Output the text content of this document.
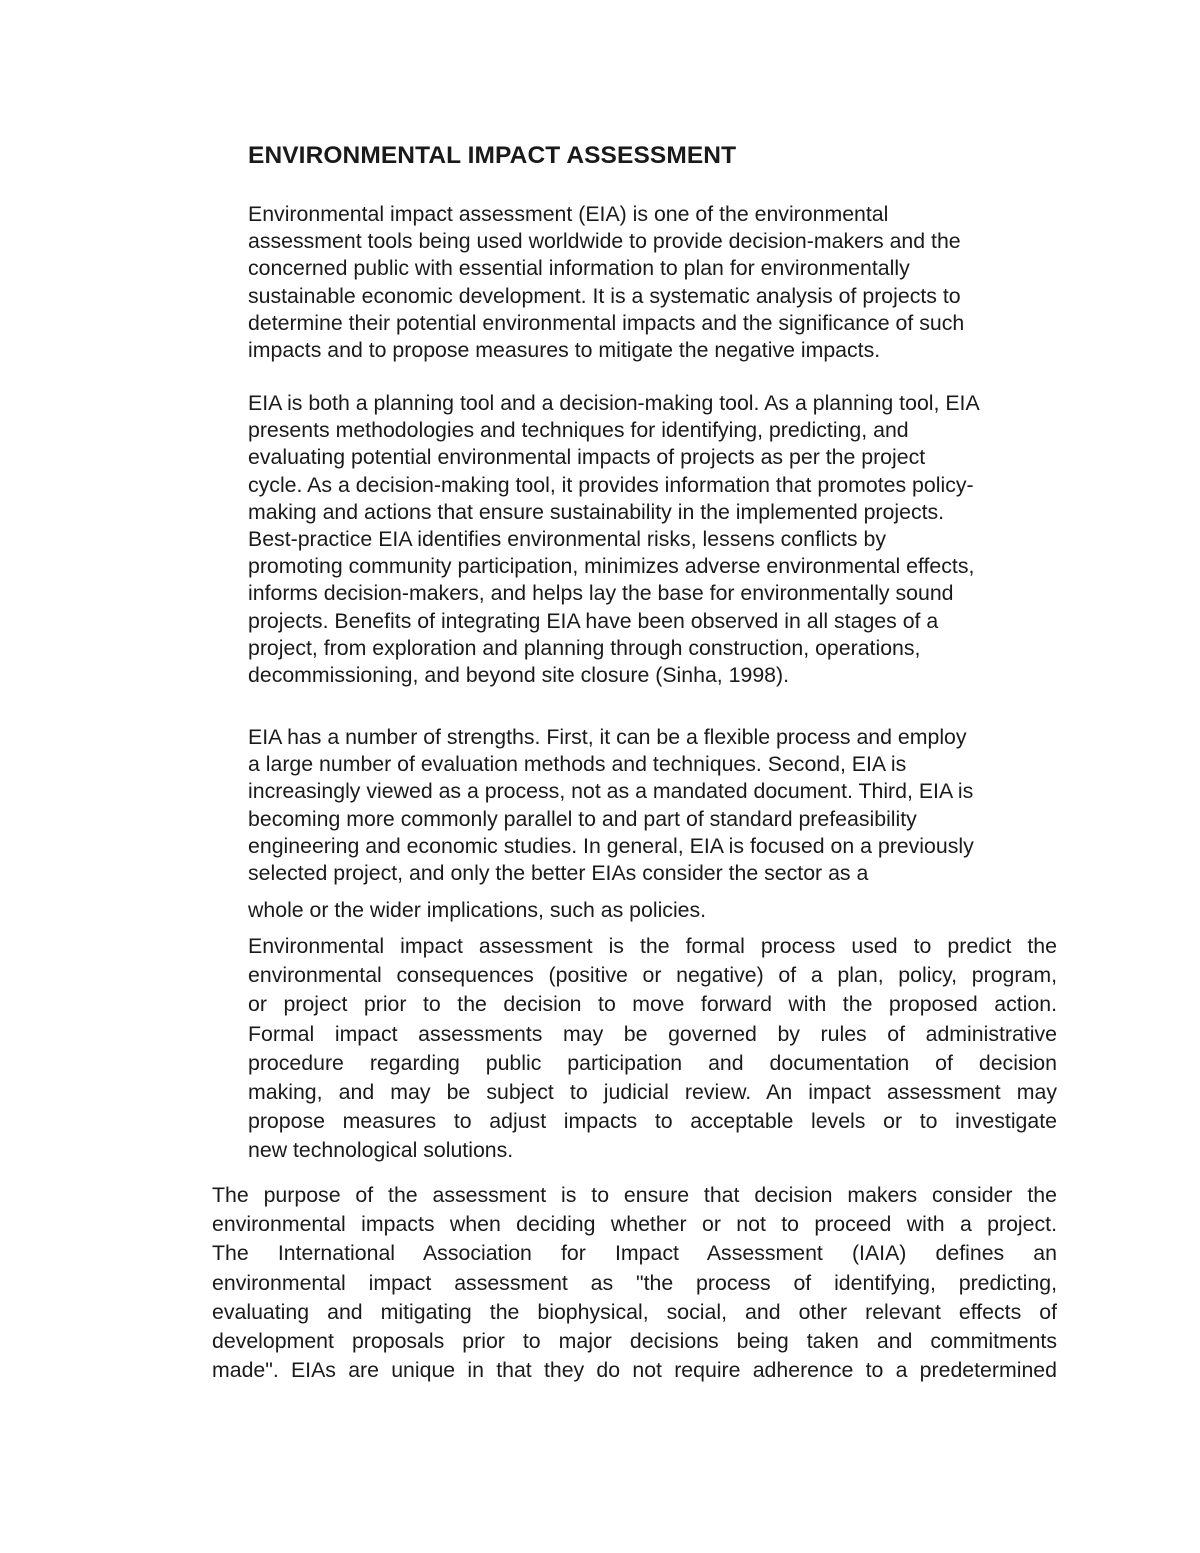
ENVIRONMENTAL IMPACT ASSESSMENT
Environmental impact assessment (EIA) is one of the environmental
assessment tools being used worldwide to provide decision-makers and the
concerned public with essential information to plan for environmentally
sustainable economic development. It is a systematic analysis of projects to
determine their potential environmental impacts and the significance of such
impacts and to propose measures to mitigate the negative impacts.
EIA is both a planning tool and a decision-making tool. As a planning tool, EIA
presents methodologies and techniques for identifying, predicting, and
evaluating potential environmental impacts of projects as per the project
cycle. As a decision-making tool, it provides information that promotes policy-
making and actions that ensure sustainability in the implemented projects.
Best-practice EIA identifies environmental risks, lessens conflicts by
promoting community participation, minimizes adverse environmental effects,
informs decision-makers, and helps lay the base for environmentally sound
projects. Benefits of integrating EIA have been observed in all stages of a
project, from exploration and planning through construction, operations,
decommissioning, and beyond site closure (Sinha, 1998).
EIA has a number of strengths. First, it can be a flexible process and employ
a large number of evaluation methods and techniques. Second, EIA is
increasingly viewed as a process, not as a mandated document. Third, EIA is
becoming more commonly parallel to and part of standard prefeasibility
engineering and economic studies. In general, EIA is focused on a previously
selected project, and only the better EIAs consider the sector as a
whole or the wider implications, such as policies.
Environmental impact assessment is the formal process used to predict the
environmental consequences (positive or negative) of a plan, policy, program,
or project prior to the decision to move forward with the proposed action.
Formal impact assessments may be governed by rules of administrative
procedure regarding public participation and documentation of decision
making, and may be subject to judicial review. An impact assessment may
propose measures to adjust impacts to acceptable levels or to investigate
new technological solutions.
The purpose of the assessment is to ensure that decision makers consider the
environmental impacts when deciding whether or not to proceed with a project.
The International Association for Impact Assessment (IAIA) defines an
environmental impact assessment as "the process of identifying, predicting,
evaluating and mitigating the biophysical, social, and other relevant effects of
development proposals prior to major decisions being taken and commitments
made". EIAs are unique in that they do not require adherence to a predetermined
